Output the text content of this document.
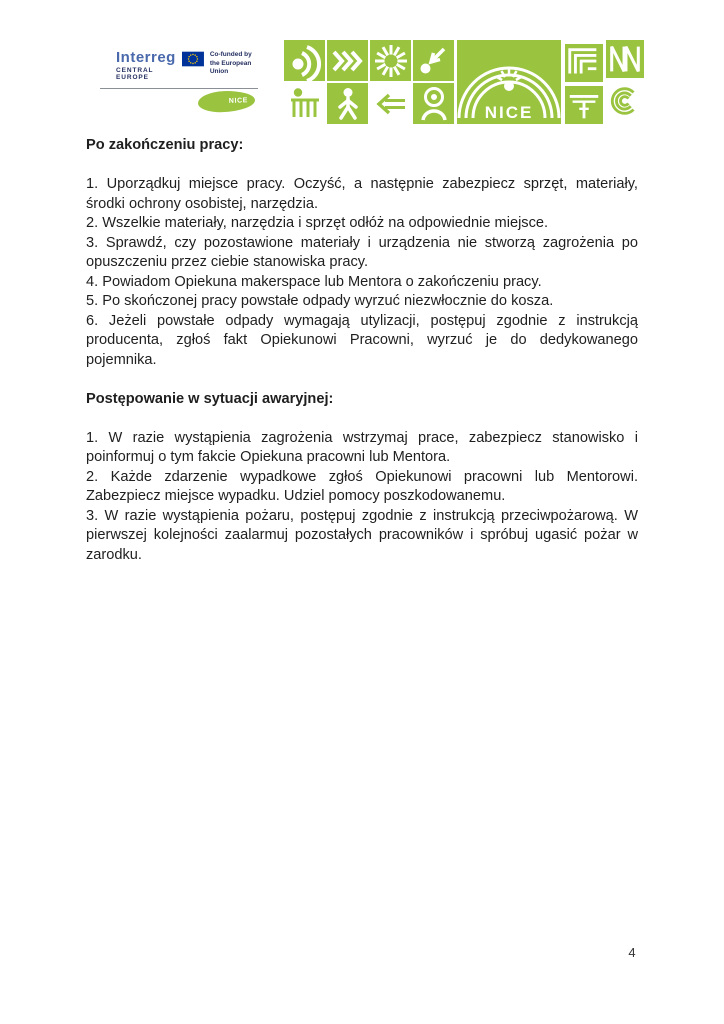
Interreg
CENTRAL EUROPE
Co-funded by
the European Union
NICE
NICE

Po zakończeniu pracy:

1. Uporządkuj miejsce pracy. Oczyść, a następnie zabezpiecz sprzęt, materiały, środki ochrony osobistej, narzędzia.

2. Wszelkie materiały, narzędzia i sprzęt odłóż na odpowiednie miejsce.

3. Sprawdź, czy pozostawione materiały i urządzenia nie stworzą zagrożenia po opuszczeniu przez ciebie stanowiska pracy.

4. Powiadom Opiekuna makerspace lub Mentora o zakończeniu pracy.

5. Po skończonej pracy powstałe odpady wyrzuć niezwłocznie do kosza.

6. Jeżeli powstałe odpady wymagają utylizacji, postępuj zgodnie z instrukcją producenta, zgłoś fakt Opiekunowi Pracowni, wyrzuć je do dedykowanego pojemnika.

Postępowanie w sytuacji awaryjnej:

1. W razie wystąpienia zagrożenia wstrzymaj prace, zabezpiecz stanowisko i poinformuj o tym fakcie Opiekuna pracowni lub Mentora.

2. Każde zdarzenie wypadkowe zgłoś Opiekunowi pracowni lub Mentorowi. Zabezpiecz miejsce wypadku. Udziel pomocy poszkodowanemu.

3. W razie wystąpienia pożaru, postępuj zgodnie z instrukcją przeciwpożarową. W pierwszej kolejności zaalarmuj pozostałych pracowników i spróbuj ugasić pożar w zarodku.

4
